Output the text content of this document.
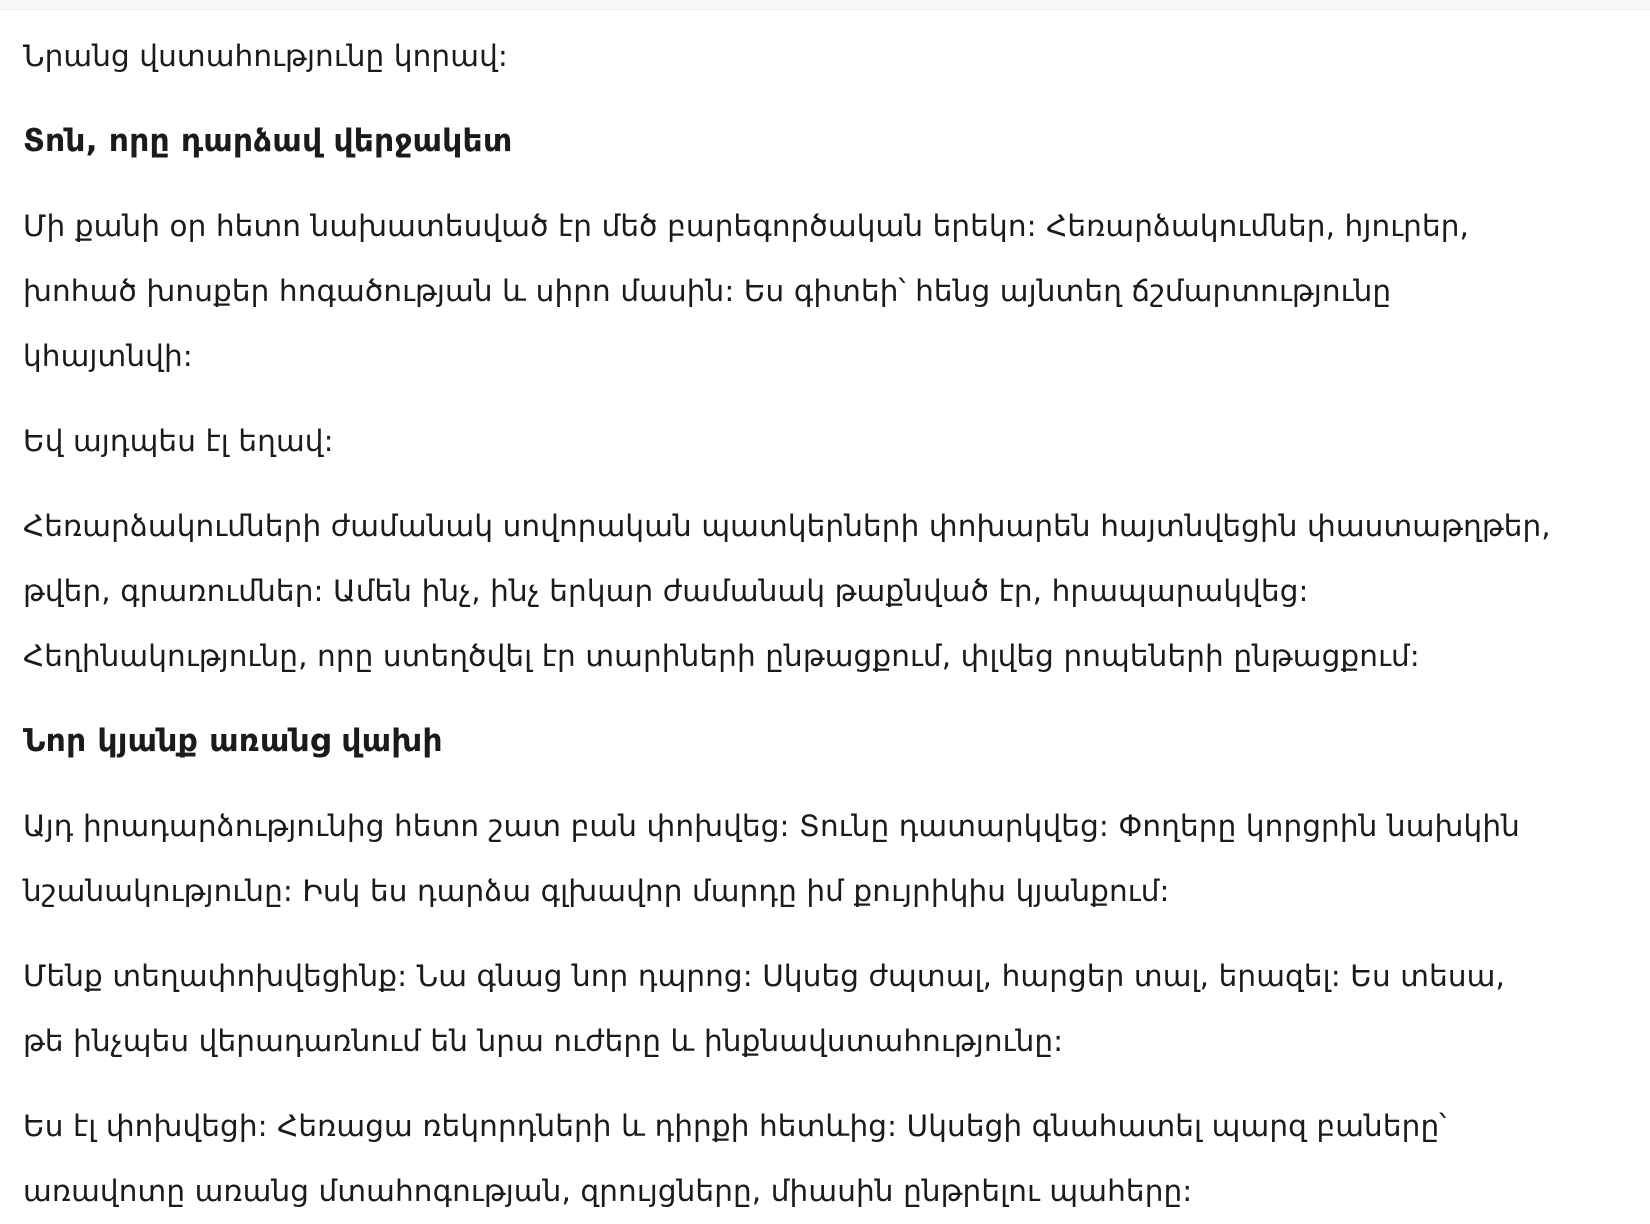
Նրանց վստահությունը կորավ:

Տոն, որը դարձավ վերջակետ

Մի քանի օր հետո նախատեսված էր մեծ բարեգործական երեկո: Հեռարձակումներ, հյուրեր, խոհած խոսքեր հոգածության և սիրո մասին: Ես գիտեի՝ հենց այնտեղ ճշմարտությունը կհայտնվի:

Եվ այդպես էլ եղավ:

Հեռարձակումների ժամանակ սովորական պատկերների փոխարեն հայտնվեցին փաստաթղթեր, թվեր, գրառումներ: Ամեն ինչ, ինչ երկար ժամանակ թաքնված էր, հրապարակվեց: Հեղինակությունը, որը ստեղծվել էր տարիների ընթացքում, փլվեց րոպեների ընթացքում:

Նոր կյանք առանց վախի

Այդ իրադարձությունից հետո շատ բան փոխվեց: Տունը դատարկվեց: Փողերը կորցրին նախկին նշանակությունը: Իսկ ես դարձա գլխավոր մարդը իմ քույրիկիս կյանքում:

Մենք տեղափոխվեցինք: Նա գնաց նոր դպրոց: Սկսեց ժպտալ, հարցեր տալ, երազել: Ես տեսա, թե ինչպես վերադառնում են նրա ուժերը և ինքնավստահությունը:

Ես էլ փոխվեցի: Հեռացա ռեկորդների և դիրքի հետևից: Սկսեցի գնահատել պարզ բաները՝ առավոտը առանց մտահոգության, զրույցները, միասին ընթրելու պահերը:
